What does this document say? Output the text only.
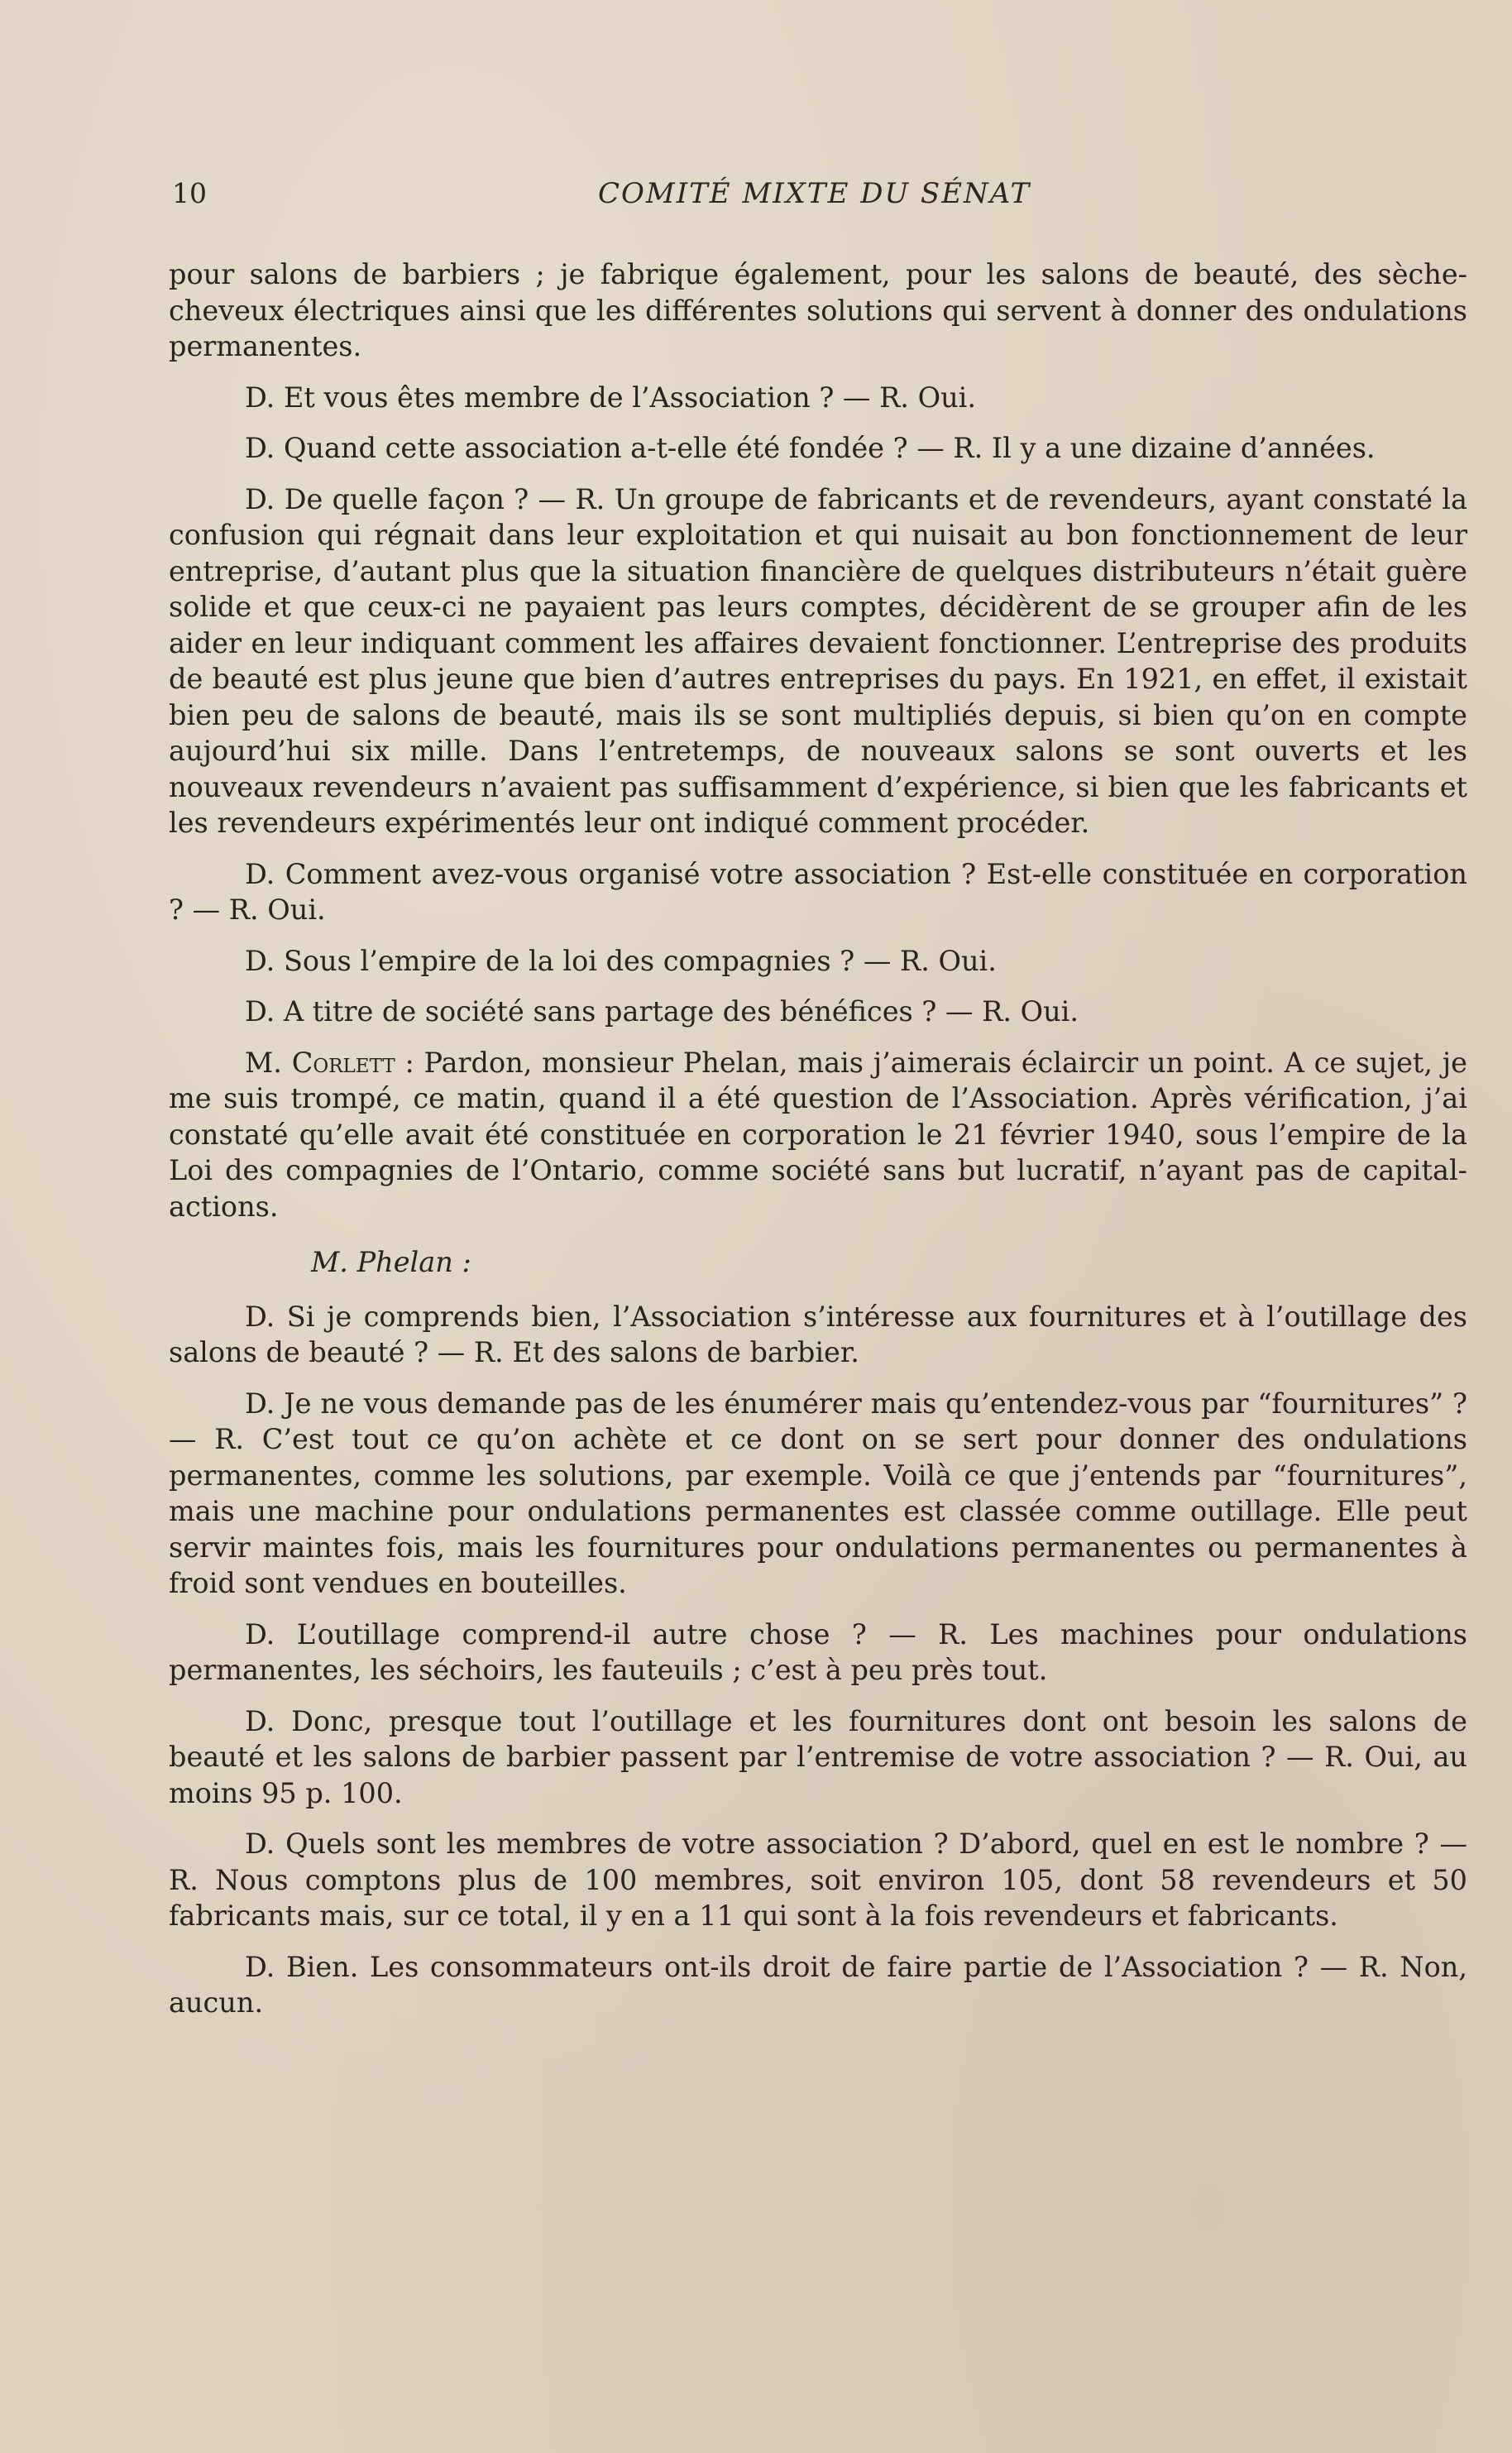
10	COMITÉ MIXTE DU SÉNAT

pour salons de barbiers ; je fabrique également, pour les salons de beauté, des sèche-cheveux électriques ainsi que les différentes solutions qui servent à donner des ondulations permanentes.

D. Et vous êtes membre de l’Association ? — R. Oui.

D. Quand cette association a-t-elle été fondée ? — R. Il y a une dizaine d’années.

D. De quelle façon ? — R. Un groupe de fabricants et de revendeurs, ayant constaté la confusion qui régnait dans leur exploitation et qui nuisait au bon fonctionnement de leur entreprise, d’autant plus que la situation financière de quelques distributeurs n’était guère solide et que ceux-ci ne payaient pas leurs comptes, décidèrent de se grouper afin de les aider en leur indiquant comment les affaires devaient fonctionner. L’entreprise des produits de beauté est plus jeune que bien d’autres entreprises du pays. En 1921, en effet, il existait bien peu de salons de beauté, mais ils se sont multipliés depuis, si bien qu’on en compte aujourd’hui six mille. Dans l’entretemps, de nouveaux salons se sont ouverts et les nouveaux revendeurs n’avaient pas suffisamment d’expérience, si bien que les fabricants et les revendeurs expérimentés leur ont indiqué comment procéder.

D. Comment avez-vous organisé votre association ? Est-elle constituée en corporation ? — R. Oui.

D. Sous l’empire de la loi des compagnies ? — R. Oui.

D. A titre de société sans partage des bénéfices ? — R. Oui.

M. Corlett : Pardon, monsieur Phelan, mais j’aimerais éclaircir un point. A ce sujet, je me suis trompé, ce matin, quand il a été question de l’Association. Après vérification, j’ai constaté qu’elle avait été constituée en corporation le 21 février 1940, sous l’empire de la Loi des compagnies de l’Ontario, comme société sans but lucratif, n’ayant pas de capital-actions.

M. Phelan :

D. Si je comprends bien, l’Association s’intéresse aux fournitures et à l’outillage des salons de beauté ? — R. Et des salons de barbier.

D. Je ne vous demande pas de les énumérer mais qu’entendez-vous par “fournitures” ? — R. C’est tout ce qu’on achète et ce dont on se sert pour donner des ondulations permanentes, comme les solutions, par exemple. Voilà ce que j’entends par “fournitures”, mais une machine pour ondulations permanentes est classée comme outillage. Elle peut servir maintes fois, mais les fournitures pour ondulations permanentes ou permanentes à froid sont vendues en bouteilles.

D. L’outillage comprend-il autre chose ? — R. Les machines pour ondulations permanentes, les séchoirs, les fauteuils ; c’est à peu près tout.

D. Donc, presque tout l’outillage et les fournitures dont ont besoin les salons de beauté et les salons de barbier passent par l’entremise de votre association ? — R. Oui, au moins 95 p. 100.

D. Quels sont les membres de votre association ? D’abord, quel en est le nombre ? — R. Nous comptons plus de 100 membres, soit environ 105, dont 58 revendeurs et 50 fabricants mais, sur ce total, il y en a 11 qui sont à la fois revendeurs et fabricants.

D. Bien. Les consommateurs ont-ils droit de faire partie de l’Association ? — R. Non, aucun.
